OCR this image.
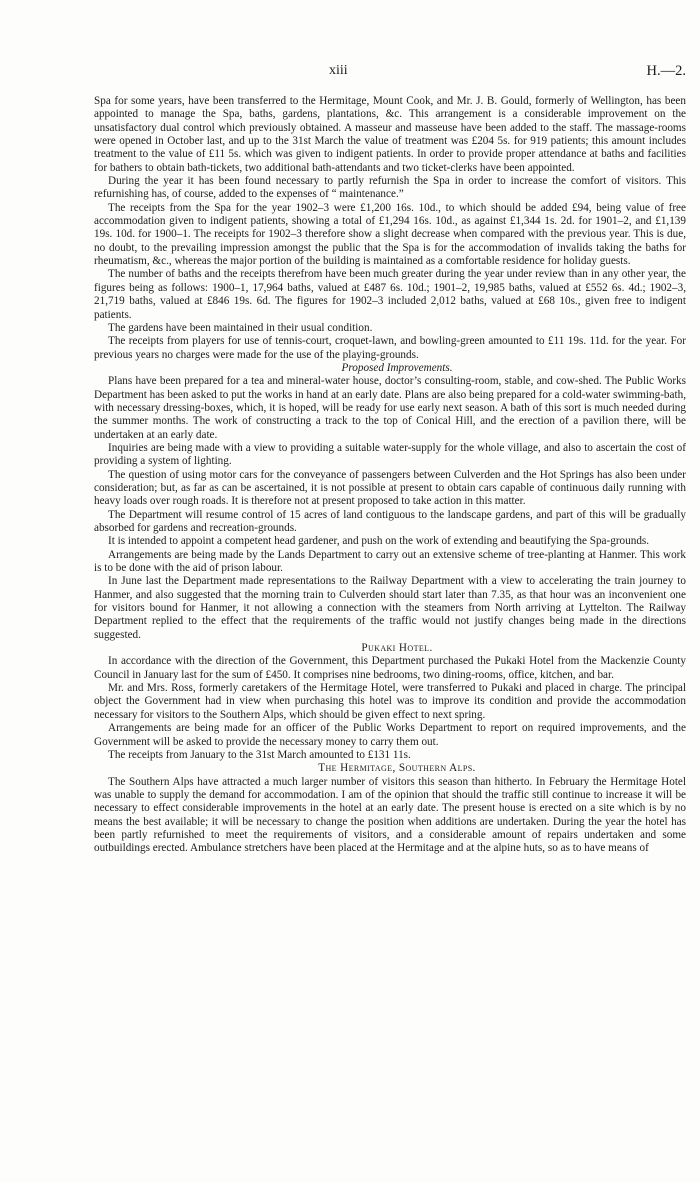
xiii	H.—2.

Spa for some years, have been transferred to the Hermitage, Mount Cook, and Mr. J. B. Gould, formerly of Wellington, has been appointed to manage the Spa, baths, gardens, plantations, &c. This arrangement is a considerable improvement on the unsatisfactory dual control which previously obtained. A masseur and masseuse have been added to the staff. The massage-rooms were opened in October last, and up to the 31st March the value of treatment was £204 5s. for 919 patients; this amount includes treatment to the value of £11 5s. which was given to indigent patients. In order to provide proper attendance at baths and facilities for bathers to obtain bath-tickets, two additional bath-attendants and two ticket-clerks have been appointed.

During the year it has been found necessary to partly refurnish the Spa in order to increase the comfort of visitors. This refurnishing has, of course, added to the expenses of “ maintenance.”

The receipts from the Spa for the year 1902–3 were £1,200 16s. 10d., to which should be added £94, being value of free accommodation given to indigent patients, showing a total of £1,294 16s. 10d., as against £1,344 1s. 2d. for 1901–2, and £1,139 19s. 10d. for 1900–1. The receipts for 1902–3 therefore show a slight decrease when compared with the previous year. This is due, no doubt, to the prevailing impression amongst the public that the Spa is for the accommodation of invalids taking the baths for rheumatism, &c., whereas the major portion of the building is maintained as a comfortable residence for holiday guests.

The number of baths and the receipts therefrom have been much greater during the year under review than in any other year, the figures being as follows: 1900–1, 17,964 baths, valued at £487 6s. 10d.; 1901–2, 19,985 baths, valued at £552 6s. 4d.; 1902–3, 21,719 baths, valued at £846 19s. 6d. The figures for 1902–3 included 2,012 baths, valued at £68 10s., given free to indigent patients.

The gardens have been maintained in their usual condition.

The receipts from players for use of tennis-court, croquet-lawn, and bowling-green amounted to £11 19s. 11d. for the year. For previous years no charges were made for the use of the playing-grounds.

Proposed Improvements.

Plans have been prepared for a tea and mineral-water house, doctor’s consulting-room, stable, and cow-shed. The Public Works Department has been asked to put the works in hand at an early date. Plans are also being prepared for a cold-water swimming-bath, with necessary dressing-boxes, which, it is hoped, will be ready for use early next season. A bath of this sort is much needed during the summer months. The work of constructing a track to the top of Conical Hill, and the erection of a pavilion there, will be undertaken at an early date.

Inquiries are being made with a view to providing a suitable water-supply for the whole village, and also to ascertain the cost of providing a system of lighting.

The question of using motor cars for the conveyance of passengers between Culverden and the Hot Springs has also been under consideration; but, as far as can be ascertained, it is not possible at present to obtain cars capable of continuous daily running with heavy loads over rough roads. It is therefore not at present proposed to take action in this matter.

The Department will resume control of 15 acres of land contiguous to the landscape gardens, and part of this will be gradually absorbed for gardens and recreation-grounds.

It is intended to appoint a competent head gardener, and push on the work of extending and beautifying the Spa-grounds.

Arrangements are being made by the Lands Department to carry out an extensive scheme of tree-planting at Hanmer. This work is to be done with the aid of prison labour.

In June last the Department made representations to the Railway Department with a view to accelerating the train journey to Hanmer, and also suggested that the morning train to Culverden should start later than 7.35, as that hour was an inconvenient one for visitors bound for Hanmer, it not allowing a connection with the steamers from North arriving at Lyttelton. The Railway Department replied to the effect that the requirements of the traffic would not justify changes being made in the directions suggested.

Pukaki Hotel.

In accordance with the direction of the Government, this Department purchased the Pukaki Hotel from the Mackenzie County Council in January last for the sum of £450. It comprises nine bedrooms, two dining-rooms, office, kitchen, and bar.

Mr. and Mrs. Ross, formerly caretakers of the Hermitage Hotel, were transferred to Pukaki and placed in charge. The principal object the Government had in view when purchasing this hotel was to improve its condition and provide the accommodation necessary for visitors to the Southern Alps, which should be given effect to next spring.

Arrangements are being made for an officer of the Public Works Department to report on required improvements, and the Government will be asked to provide the necessary money to carry them out.

The receipts from January to the 31st March amounted to £131 11s.

The Hermitage, Southern Alps.

The Southern Alps have attracted a much larger number of visitors this season than hitherto. In February the Hermitage Hotel was unable to supply the demand for accommodation. I am of the opinion that should the traffic still continue to increase it will be necessary to effect considerable improvements in the hotel at an early date. The present house is erected on a site which is by no means the best available; it will be necessary to change the position when additions are undertaken. During the year the hotel has been partly refurnished to meet the requirements of visitors, and a considerable amount of repairs undertaken and some outbuildings erected. Ambulance stretchers have been placed at the Hermitage and at the alpine huts, so as to have means of
